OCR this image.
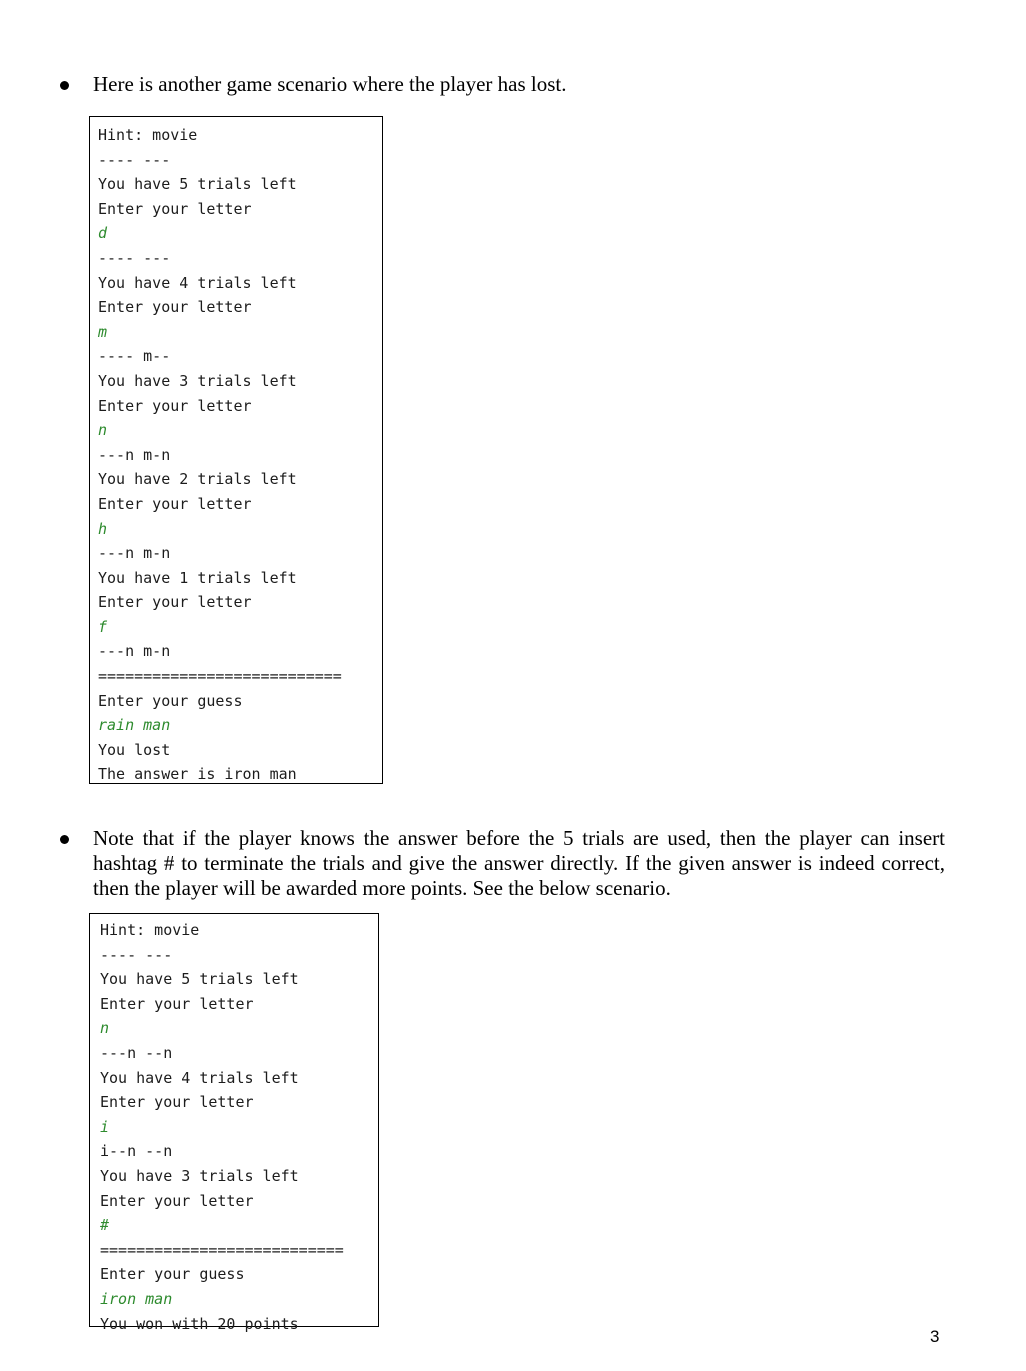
Here is another game scenario where the player has lost.
Hint: movie
---- ---
You have 5 trials left
Enter your letter
d
---- ---
You have 4 trials left
Enter your letter
m
---- m--
You have 3 trials left
Enter your letter
n
---n m-n
You have 2 trials left
Enter your letter
h
---n m-n
You have 1 trials left
Enter your letter
f
---n m-n
===========================
Enter your guess
rain man
You lost
The answer is iron man
Note that if the player knows the answer before the 5 trials are used, then the player can insert hashtag # to terminate the trials and give the answer directly. If the given answer is indeed correct, then the player will be awarded more points. See the below scenario.
Hint: movie
---- ---
You have 5 trials left
Enter your letter
n
---n --n
You have 4 trials left
Enter your letter
i
i--n --n
You have 3 trials left
Enter your letter
#
===========================
Enter your guess
iron man
You won with 20 points
3
